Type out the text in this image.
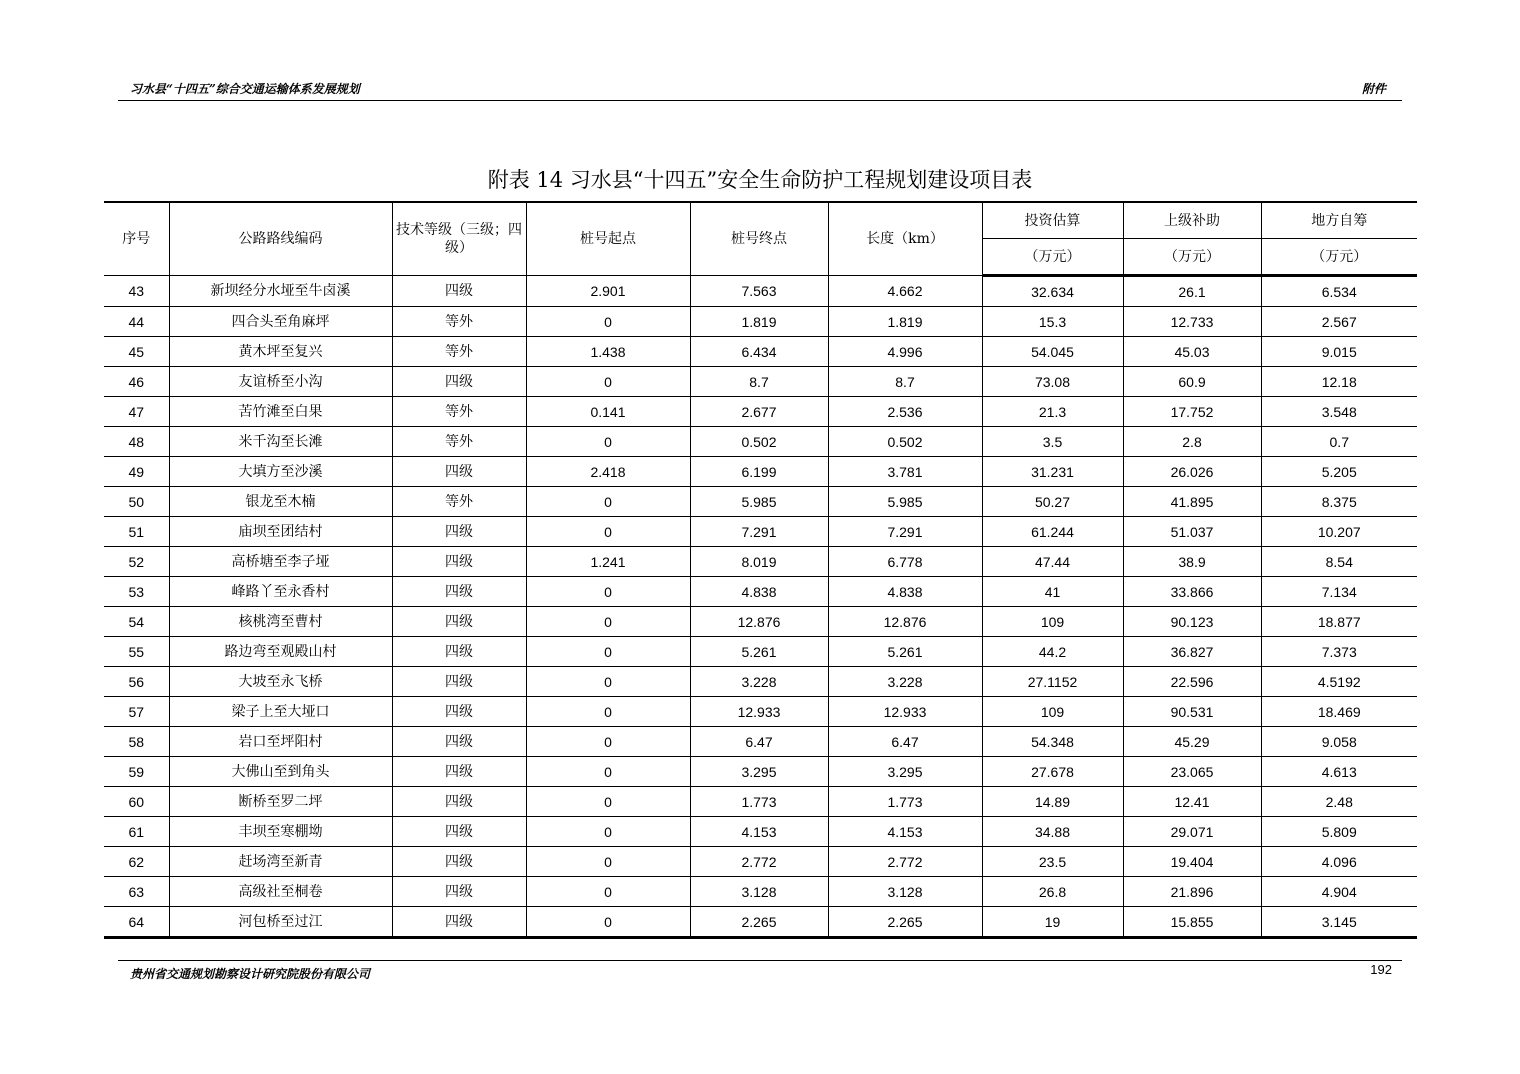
习水县“十四五”综合交通运输体系发展规划	附件
附表 14 习水县“十四五”安全生命防护工程规划建设项目表
序号	公路路线编码	技术等级（三级；四级）	桩号起点	桩号终点	长度（km）	投资估算	上级补助	地方自筹
						（万元）	（万元）	（万元）
43	新坝经分水垭至牛卤溪	四级	2.901	7.563	4.662	32.634	26.1	6.534
44	四合头至角麻坪	等外	0	1.819	1.819	15.3	12.733	2.567
45	黄木坪至复兴	等外	1.438	6.434	4.996	54.045	45.03	9.015
46	友谊桥至小沟	四级	0	8.7	8.7	73.08	60.9	12.18
47	苦竹滩至白果	等外	0.141	2.677	2.536	21.3	17.752	3.548
48	米千沟至长滩	等外	0	0.502	0.502	3.5	2.8	0.7
49	大填方至沙溪	四级	2.418	6.199	3.781	31.231	26.026	5.205
50	银龙至木楠	等外	0	5.985	5.985	50.27	41.895	8.375
51	庙坝至团结村	四级	0	7.291	7.291	61.244	51.037	10.207
52	高桥塘至李子垭	四级	1.241	8.019	6.778	47.44	38.9	8.54
53	峰路丫至永香村	四级	0	4.838	4.838	41	33.866	7.134
54	核桃湾至曹村	四级	0	12.876	12.876	109	90.123	18.877
55	路边弯至观殿山村	四级	0	5.261	5.261	44.2	36.827	7.373
56	大坡至永飞桥	四级	0	3.228	3.228	27.1152	22.596	4.5192
57	梁子上至大垭口	四级	0	12.933	12.933	109	90.531	18.469
58	岩口至坪阳村	四级	0	6.47	6.47	54.348	45.29	9.058
59	大佛山至到角头	四级	0	3.295	3.295	27.678	23.065	4.613
60	断桥至罗二坪	四级	0	1.773	1.773	14.89	12.41	2.48
61	丰坝至寒棚坳	四级	0	4.153	4.153	34.88	29.071	5.809
62	赶场湾至新青	四级	0	2.772	2.772	23.5	19.404	4.096
63	高级社至桐卷	四级	0	3.128	3.128	26.8	21.896	4.904
64	河包桥至过江	四级	0	2.265	2.265	19	15.855	3.145
贵州省交通规划勘察设计研究院股份有限公司	192
